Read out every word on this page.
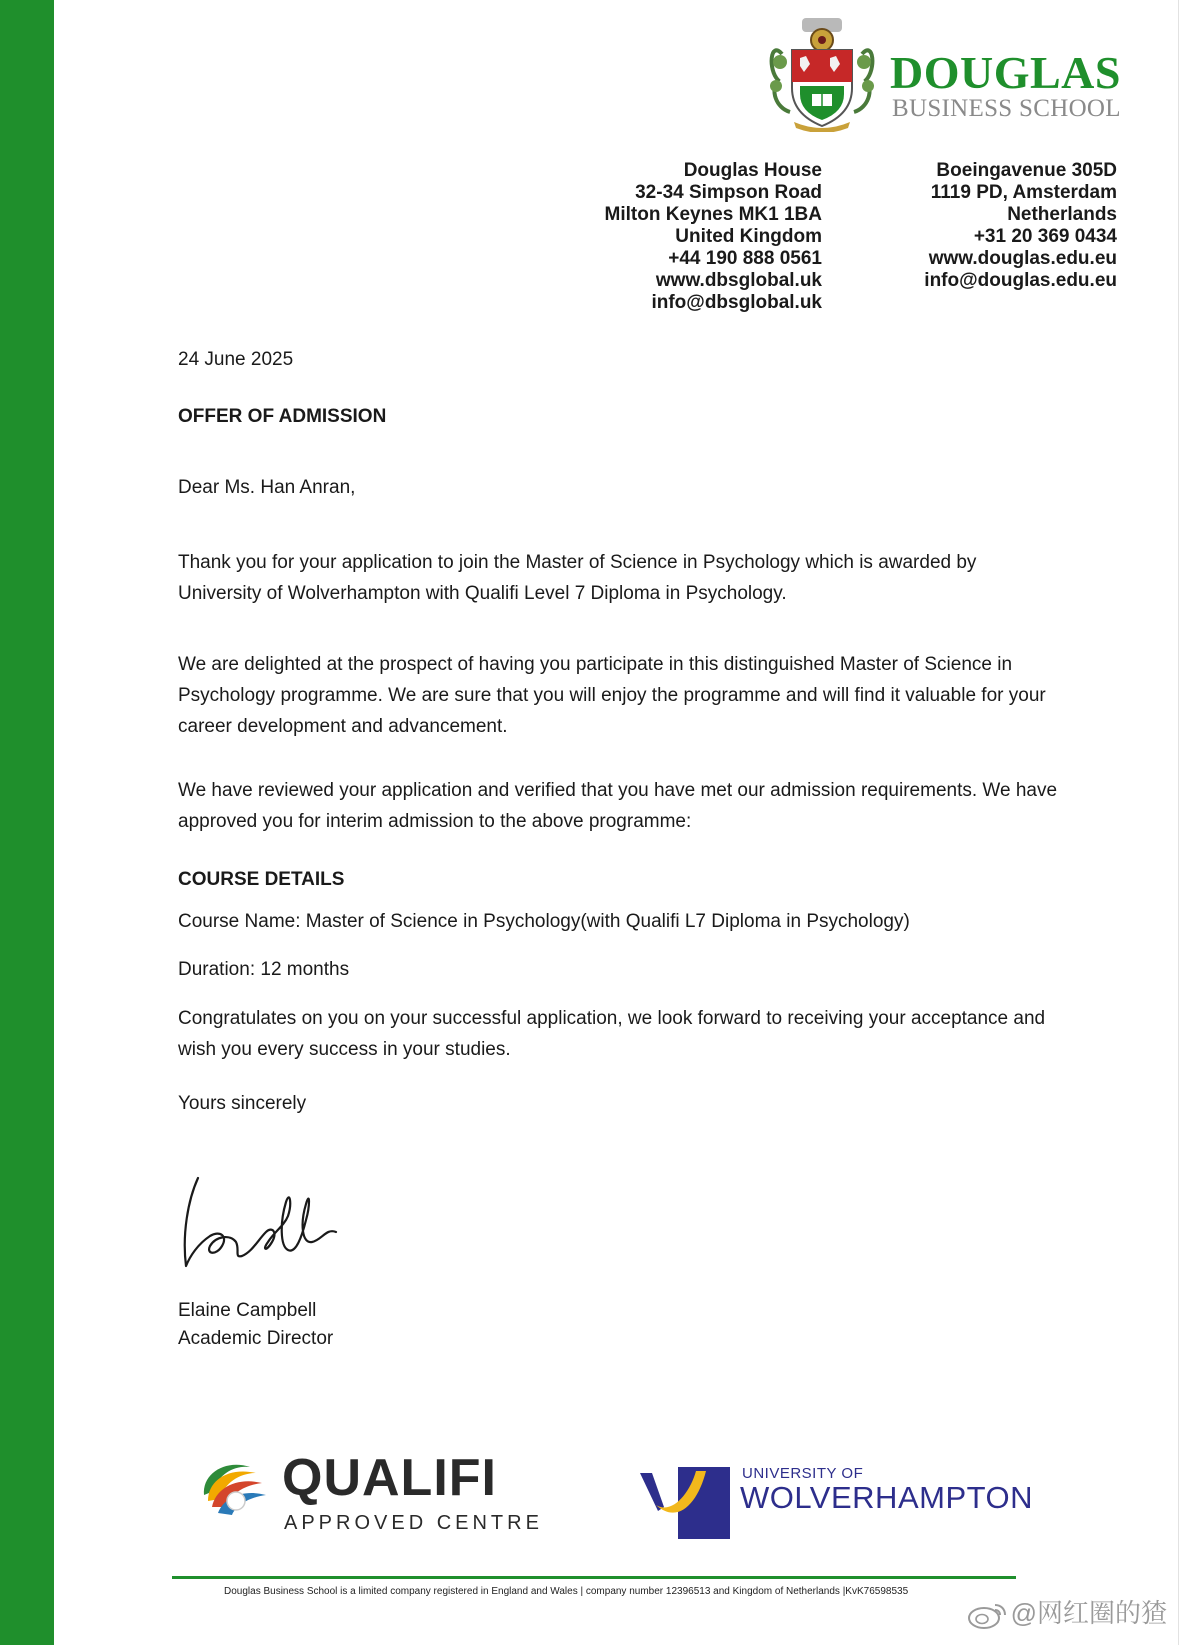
DOUGLAS
BUSINESS SCHOOL
Douglas House
32-34 Simpson Road
Milton Keynes MK1 1BA
United Kingdom
+44 190 888 0561
www.dbsglobal.uk
info@dbsglobal.uk
Boeingavenue 305D
1119 PD, Amsterdam
Netherlands
+31 20 369 0434
www.douglas.edu.eu
info@douglas.edu.eu
24 June 2025
OFFER OF ADMISSION
Dear Ms. Han Anran,
Thank you for your application to join the Master of Science in Psychology which is awarded by University of Wolverhampton with Qualifi Level 7 Diploma in Psychology.
We are delighted at the prospect of having you participate in this distinguished Master of Science in Psychology programme. We are sure that you will enjoy the programme and will find it valuable for your career development and advancement.
We have reviewed your application and verified that you have met our admission requirements. We have approved you for interim admission to the above programme:
COURSE DETAILS
Course Name: Master of Science in Psychology(with Qualifi L7 Diploma in Psychology)
Duration: 12 months
Congratulates on you on your successful application, we look forward to receiving your acceptance and wish you every success in your studies.
Yours sincerely
Elaine Campbell
Academic Director
QUALIFI
APPROVED CENTRE
UNIVERSITY OF
WOLVERHAMPTON
Douglas Business School is a limited company registered in England and Wales | company number 12396513 and Kingdom of Netherlands |KvK76598535
@网红圈的猹
